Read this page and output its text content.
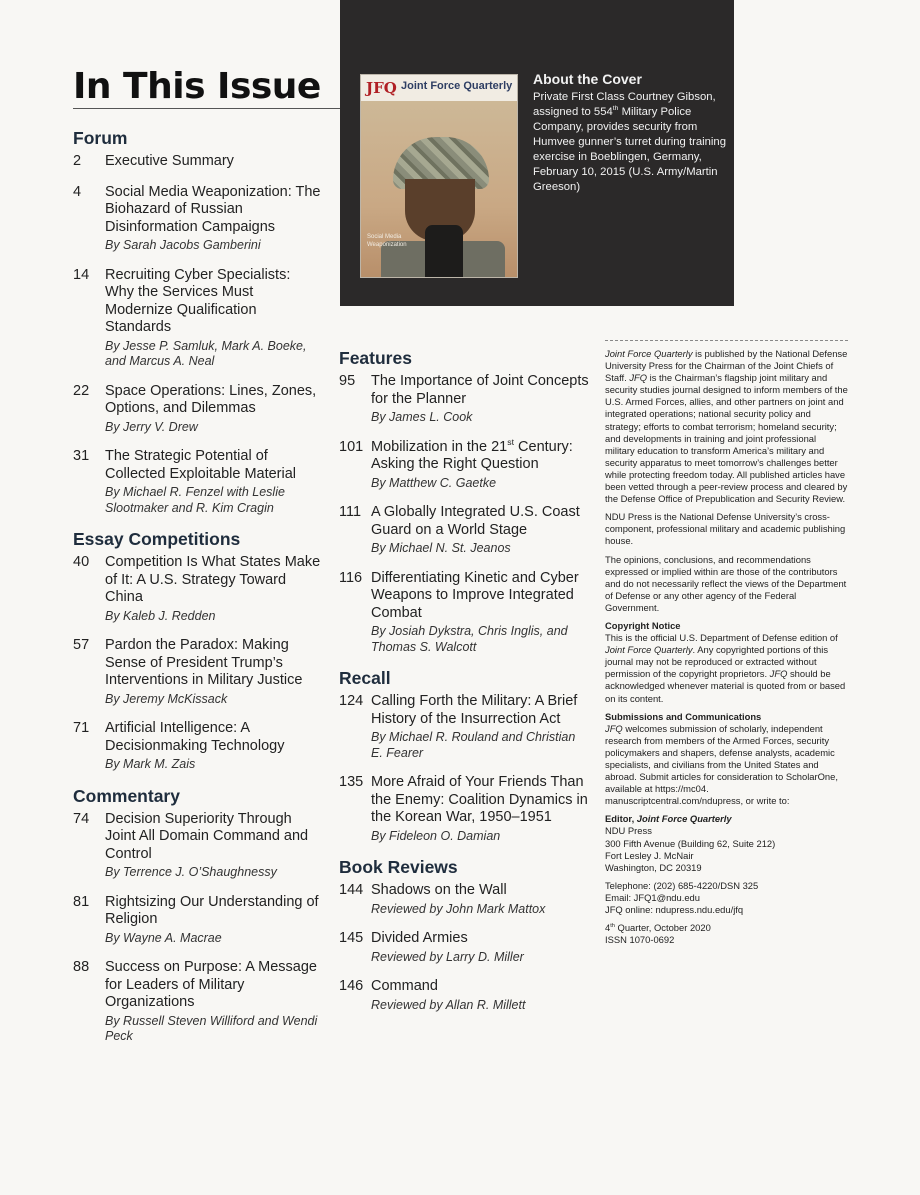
In This Issue	JFQ Joint Force Quarterly
Social Media Weaponization
About the Cover
Private First Class Courtney Gibson, assigned to 554th Military Police Company, provides security from Humvee gunner’s turret during training exercise in Boeblingen, Germany, February 10, 2015 (U.S. Army/Martin Greeson)
Forum
2	Executive Summary
4	Social Media Weaponization: The Biohazard of Russian Disinformation Campaigns
By Sarah Jacobs Gamberini
14	Recruiting Cyber Specialists: Why the Services Must Modernize Qualification Standards
By Jesse P. Samluk, Mark A. Boeke, and Marcus A. Neal
22	Space Operations: Lines, Zones, Options, and Dilemmas
By Jerry V. Drew
31	The Strategic Potential of Collected Exploitable Material
By Michael R. Fenzel with Leslie Slootmaker and R. Kim Cragin
Essay Competitions
40	Competition Is What States Make of It: A U.S. Strategy Toward China
By Kaleb J. Redden
57	Pardon the Paradox: Making Sense of President Trump’s Interventions in Military Justice
By Jeremy McKissack
71	Artificial Intelligence: A Decisionmaking Technology
By Mark M. Zais
Commentary
74	Decision Superiority Through Joint All Domain Command and Control
By Terrence J. O’Shaughnessy
81	Rightsizing Our Understanding of Religion
By Wayne A. Macrae
88	Success on Purpose: A Message for Leaders of Military Organizations
By Russell Steven Williford and Wendi Peck
Features
95	The Importance of Joint Concepts for the Planner
By James L. Cook
101 Mobilization in the 21st Century: Asking the Right Question
By Matthew C. Gaetke
111 A Globally Integrated U.S. Coast Guard on a World Stage
By Michael N. St. Jeanos
116 Differentiating Kinetic and Cyber Weapons to Improve Integrated Combat
By Josiah Dykstra, Chris Inglis, and Thomas S. Walcott
Recall
124 Calling Forth the Military: A Brief History of the Insurrection Act
By Michael R. Rouland and Christian E. Fearer
135 More Afraid of Your Friends Than the Enemy: Coalition Dynamics in the Korean War, 1950–1951
By Fideleon O. Damian
Book Reviews
144 Shadows on the Wall
Reviewed by John Mark Mattox
145 Divided Armies
Reviewed by Larry D. Miller
146 Command
Reviewed by Allan R. Millett

Joint Force Quarterly is published by the National Defense University Press for the Chairman of the Joint Chiefs of Staff. JFQ is the Chairman’s flagship joint military and security studies journal designed to inform members of the U.S. Armed Forces, allies, and other partners on joint and integrated operations; national security policy and strategy; efforts to combat terrorism; homeland security; and developments in training and joint professional military education to transform America’s military and security apparatus to meet tomorrow’s challenges better while protecting freedom today. All published articles have been vetted through a peer-review process and cleared by the Defense Office of Prepublication and Security Review.

NDU Press is the National Defense University’s cross-component, professional military and academic publishing house.

The opinions, conclusions, and recommendations expressed or implied within are those of the contributors and do not necessarily reflect the views of the Department of Defense or any other agency of the Federal Government.

Copyright Notice
This is the official U.S. Department of Defense edition of Joint Force Quarterly. Any copyrighted portions of this journal may not be reproduced or extracted without permission of the copyright proprietors. JFQ should be acknowledged whenever material is quoted from or based on its content.

Submissions and Communications
JFQ welcomes submission of scholarly, independent research from members of the Armed Forces, security policymakers and shapers, defense analysts, academic specialists, and civilians from the United States and abroad. Submit articles for consideration to ScholarOne, available at https://mc04. manuscriptcentral.com/ndupress, or write to:

Editor, Joint Force Quarterly
NDU Press
300 Fifth Avenue (Building 62, Suite 212)
Fort Lesley J. McNair
Washington, DC 20319

Telephone: (202) 685-4220/DSN 325
Email: JFQ1@ndu.edu
JFQ online: ndupress.ndu.edu/jfq

4th Quarter, October 2020
ISSN 1070-0692
